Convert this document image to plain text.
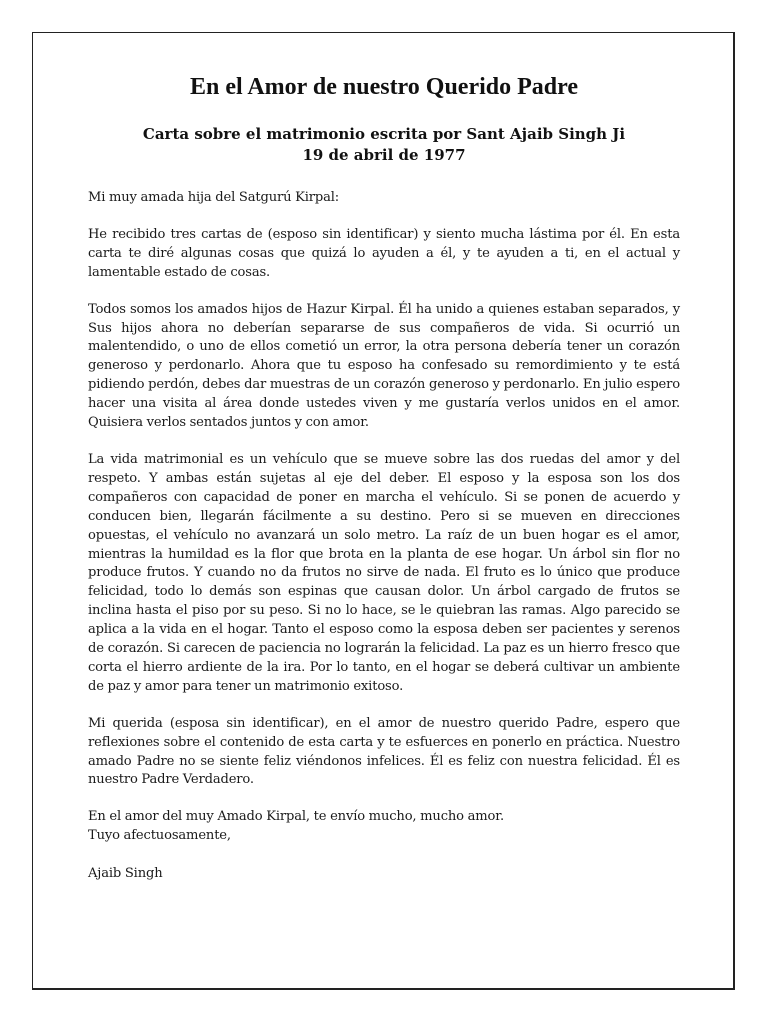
En el Amor de nuestro Querido Padre

Carta sobre el matrimonio escrita por Sant Ajaib Singh Ji

19 de abril de 1977

Mi muy amada hija del Satgurú Kirpal:

He recibido tres cartas de (esposo sin identificar) y siento mucha lástima por él. En esta carta te diré algunas cosas que quizá lo ayuden a él, y te ayuden a ti, en el actual y lamentable estado de cosas.

Todos somos los amados hijos de Hazur Kirpal. Él ha unido a quienes estaban separados, y Sus hijos ahora no deberían separarse de sus compañeros de vida. Si ocurrió un malentendido, o uno de ellos cometió un error, la otra persona debería tener un corazón generoso y perdonarlo. Ahora que tu esposo ha confesado su remordimiento y te está pidiendo perdón, debes dar muestras de un corazón generoso y perdonarlo. En julio espero hacer una visita al área donde ustedes viven y me gustaría verlos unidos en el amor. Quisiera verlos sentados juntos y con amor.

La vida matrimonial es un vehículo que se mueve sobre las dos ruedas del amor y del respeto. Y ambas están sujetas al eje del deber. El esposo y la esposa son los dos compañeros con capacidad de poner en marcha el vehículo. Si se ponen de acuerdo y conducen bien, llegarán fácilmente a su destino. Pero si se mueven en direcciones opuestas, el vehículo no avanzará un solo metro. La raíz de un buen hogar es el amor, mientras la humildad es la flor que brota en la planta de ese hogar. Un árbol sin flor no produce frutos. Y cuando no da frutos no sirve de nada. El fruto es lo único que produce felicidad, todo lo demás son espinas que causan dolor. Un árbol cargado de frutos se inclina hasta el piso por su peso. Si no lo hace, se le quiebran las ramas. Algo parecido se aplica a la vida en el hogar. Tanto el esposo como la esposa deben ser pacientes y serenos de corazón. Si carecen de paciencia no lograrán la felicidad. La paz es un hierro fresco que corta el hierro ardiente de la ira. Por lo tanto, en el hogar se deberá cultivar un ambiente de paz y amor para tener un matrimonio exitoso.

Mi querida (esposa sin identificar), en el amor de nuestro querido Padre, espero que reflexiones sobre el contenido de esta carta y te esfuerces en ponerlo en práctica. Nuestro amado Padre no se siente feliz viéndonos infelices. Él es feliz con nuestra felicidad. Él es nuestro Padre Verdadero.

En el amor del muy Amado Kirpal, te envío mucho, mucho amor.
Tuyo afectuosamente,

Ajaib Singh
